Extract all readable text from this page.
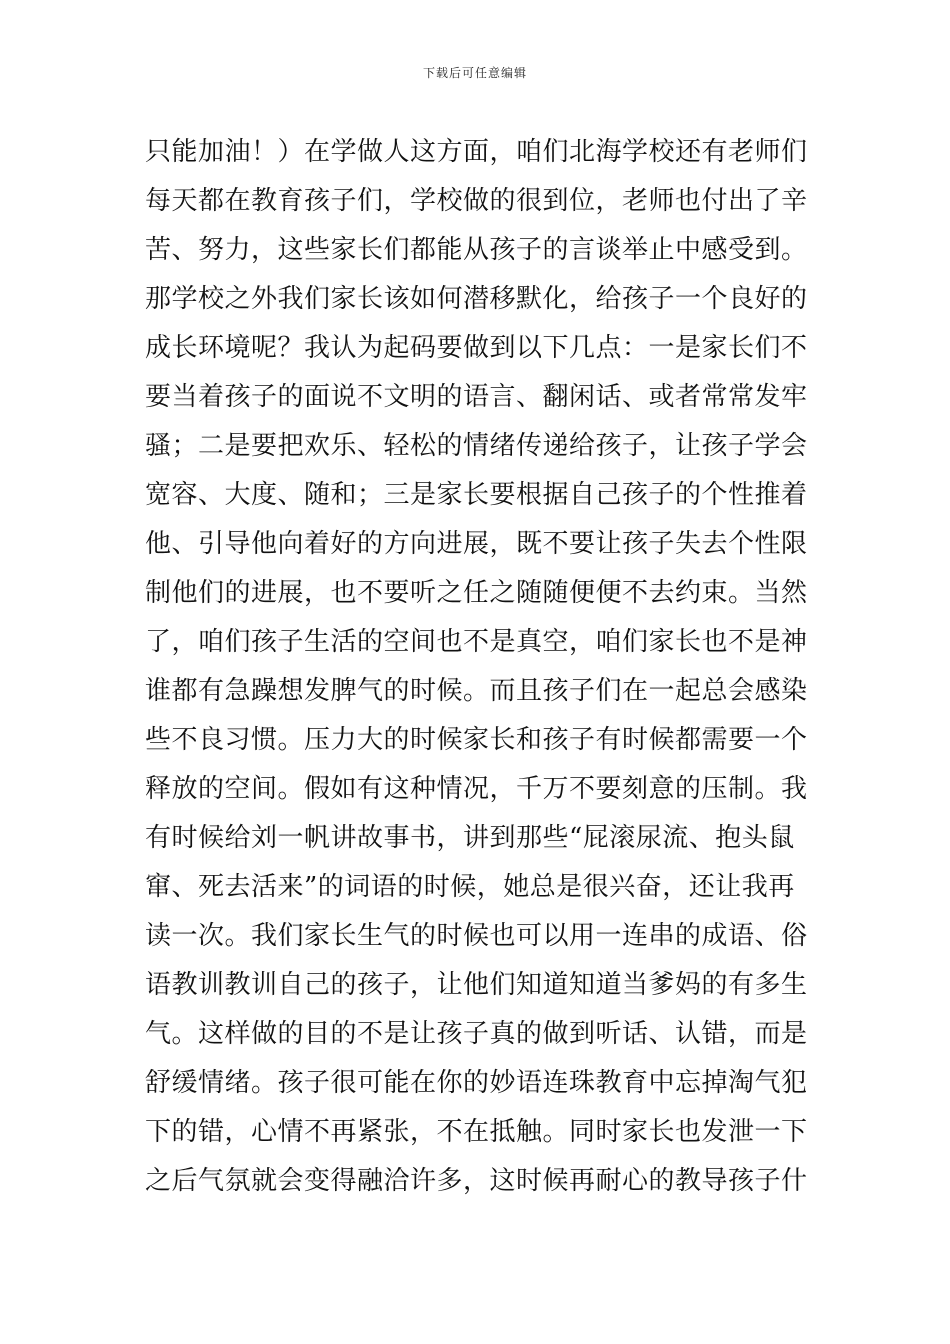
下载后可任意编辑
只能加油！）在学做人这方面，咱们北海学校还有老师们
每天都在教育孩子们，学校做的很到位，老师也付出了辛
苦、努力，这些家长们都能从孩子的言谈举止中感受到。
那学校之外我们家长该如何潜移默化，给孩子一个良好的
成长环境呢？我认为起码要做到以下几点：一是家长们不
要当着孩子的面说不文明的语言、翻闲话、或者常常发牢
骚；二是要把欢乐、轻松的情绪传递给孩子，让孩子学会
宽容、大度、随和；三是家长要根据自己孩子的个性推着
他、引导他向着好的方向进展，既不要让孩子失去个性限
制他们的进展，也不要听之任之随随便便不去约束。当然
了，咱们孩子生活的空间也不是真空，咱们家长也不是神
谁都有急躁想发脾气的时候。而且孩子们在一起总会感染
些不良习惯。压力大的时候家长和孩子有时候都需要一个
释放的空间。假如有这种情况，千万不要刻意的压制。我
有时候给刘一帆讲故事书，讲到那些“屁滚尿流、抱头鼠
窜、死去活来”的词语的时候，她总是很兴奋，还让我再
读一次。我们家长生气的时候也可以用一连串的成语、俗
语教训教训自己的孩子，让他们知道知道当爹妈的有多生
气。这样做的目的不是让孩子真的做到听话、认错，而是
舒缓情绪。孩子很可能在你的妙语连珠教育中忘掉淘气犯
下的错，心情不再紧张，不在抵触。同时家长也发泄一下
之后气氛就会变得融洽许多，这时候再耐心的教导孩子什
